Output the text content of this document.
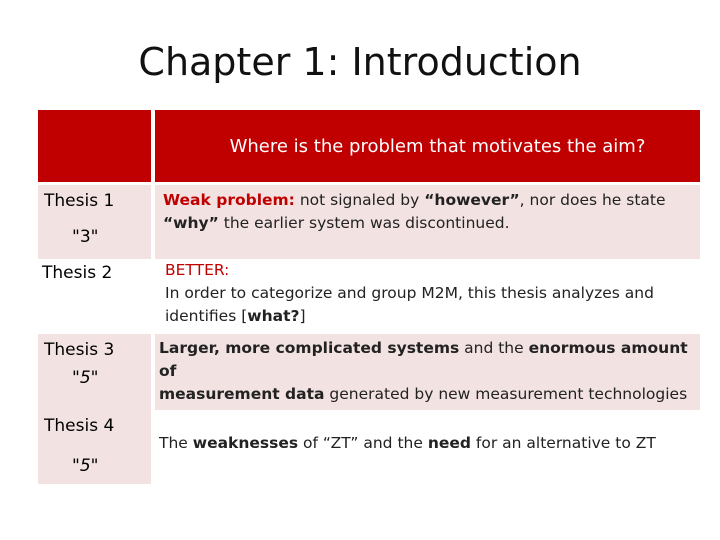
Chapter 1: Introduction
Where is the problem that motivates the aim?
Thesis 1
"3"
Weak problem: not signaled by “however”, nor does he state
“why” the earlier system was discontinued.
Thesis 2	BETTER:
In order to categorize and group M2M, this thesis analyzes and
identifies [what?]
Thesis 3
"5"
Larger, more complicated systems and the enormous amount of
measurement data generated by new measurement technologies
Thesis 4
"5"
The weaknesses of “ZT” and the need for an alternative to ZT
